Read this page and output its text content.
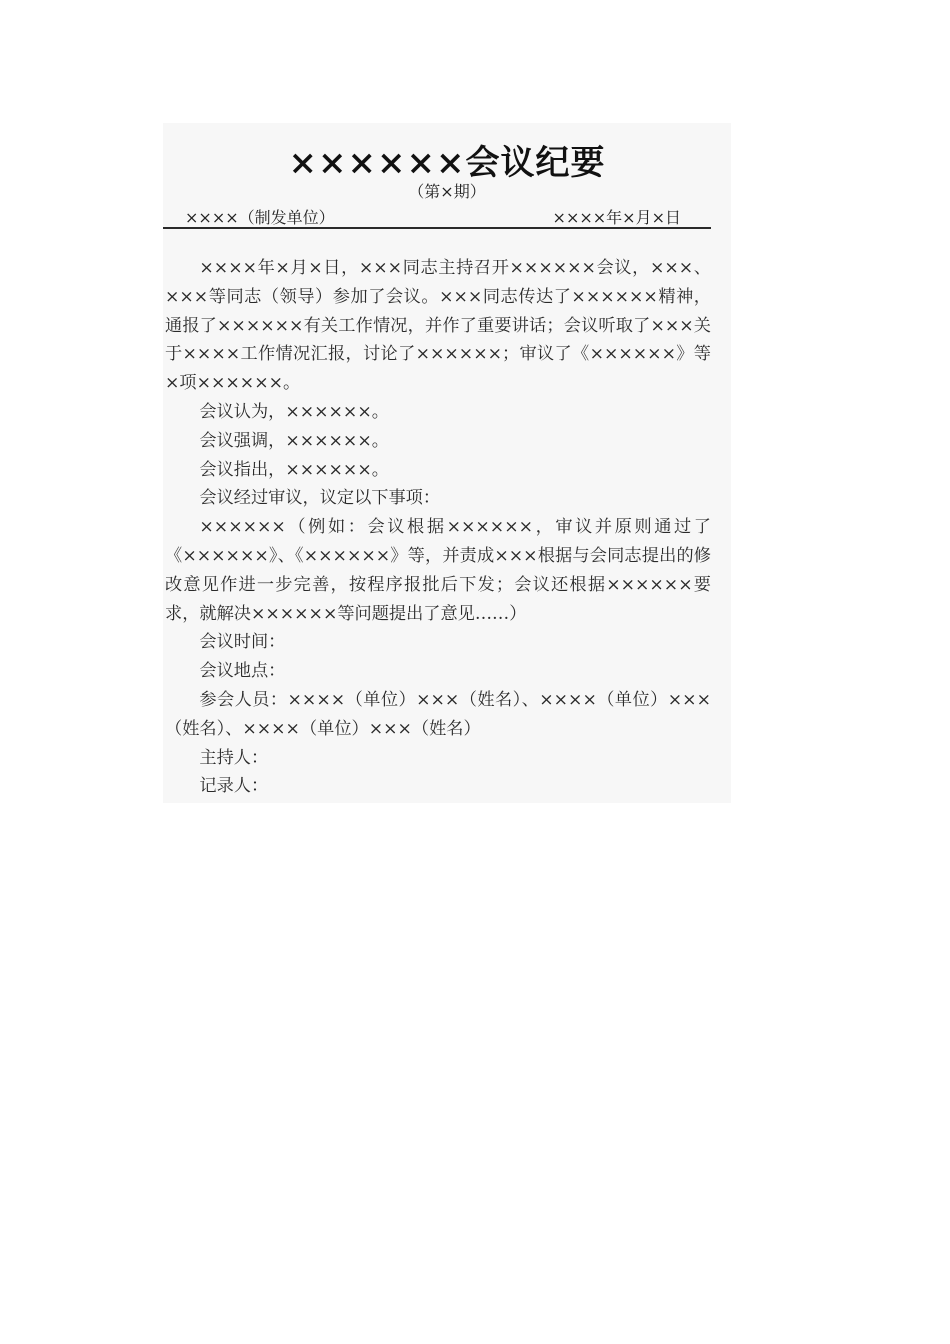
××××××会议纪要
（第×期）
××××（制发单位）	××××年×月×日

××××年×月×日，×××同志主持召开××××××会议，×××、×××等同志（领导）参加了会议。×××同志传达了××××××精神，通报了××××××有关工作情况，并作了重要讲话；会议听取了×××关于××××工作情况汇报，讨论了××××××；审议了《××××××》等×项××××××。

会议认为，××××××。

会议强调，××××××。

会议指出，××××××。

会议经过审议，议定以下事项：

××××××（例如：会议根据××××××，审议并原则通过了《××××××》、《××××××》等，并责成×××根据与会同志提出的修改意见作进一步完善，按程序报批后下发；会议还根据××××××要求，就解决××××××等问题提出了意见……）

会议时间：

会议地点：

参会人员：××××（单位）×××（姓名）、××××（单位）×××（姓名）、××××（单位）×××（姓名）

主持人：

记录人：
